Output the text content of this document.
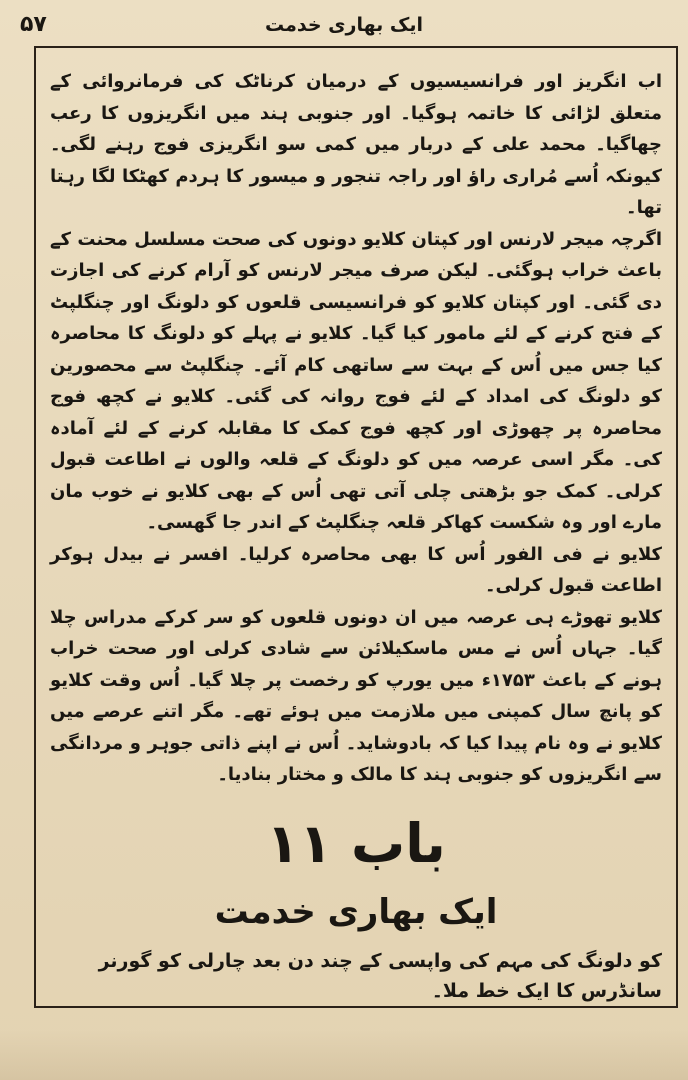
۵۷	ایک بھاری خدمت

اب انگریز اور فرانسیسیوں کے درمیان کرناٹک کی فرمانروائی کے متعلق لڑائی کا خاتمہ ہوگیا۔ اور جنوبی ہند میں انگریزوں کا رعب چھاگیا۔ محمد علی کے دربار میں کمی سو انگریزی فوج رہنے لگی۔ کیونکہ اُسے مُراری راؤ اور راجہ تنجور و میسور کا ہردم کھٹکا لگا رہتا تھا۔

اگرچہ میجر لارنس اور کپتان کلایو دونوں کی صحت مسلسل محنت کے باعث خراب ہوگئی۔ لیکن صرف میجر لارنس کو آرام کرنے کی اجازت دی گئی۔ اور کپتان کلایو کو فرانسیسی قلعوں کو دلونگ اور چنگلپٹ کے فتح کرنے کے لئے مامور کیا گیا۔ کلایو نے پہلے کو دلونگ کا محاصرہ کیا جس میں اُس کے بہت سے ساتھی کام آئے۔ چنگلپٹ سے محصورین کو دلونگ کی امداد کے لئے فوج روانہ کی گئی۔ کلایو نے کچھ فوج محاصرہ پر چھوڑی اور کچھ فوج کمک کا مقابلہ کرنے کے لئے آمادہ کی۔ مگر اسی عرصہ میں کو دلونگ کے قلعہ والوں نے اطاعت قبول کرلی۔ کمک جو بڑھتی چلی آتی تھی اُس کے بھی کلایو نے خوب مان مارے اور وہ شکست کھاکر قلعہ چنگلپٹ کے اندر جا گھسی۔

کلایو نے فی الفور اُس کا بھی محاصرہ کرلیا۔ افسر نے بیدل ہوکر اطاعت قبول کرلی۔

کلایو تھوڑے ہی عرصہ میں ان دونوں قلعوں کو سر کرکے مدراس چلا گیا۔ جہاں اُس نے مس ماسکیلائن سے شادی کرلی اور صحت خراب ہونے کے باعث ۱۷۵۳ء میں یورپ کو رخصت پر چلا گیا۔ اُس وقت کلایو کو پانچ سال کمپنی میں ملازمت میں ہوئے تھے۔ مگر اتنے عرصے میں کلایو نے وہ نام پیدا کیا کہ بادوشاید۔ اُس نے اپنے ذاتی جوہر و مردانگی سے انگریزوں کو جنوبی ہند کا مالک و مختار بنادیا۔

باب ۱۱
ایک بھاری خدمت
کو دلونگ کی مہم کی واپسی کے چند دن بعد چارلی کو گورنر سانڈرس کا ایک خط ملا۔
